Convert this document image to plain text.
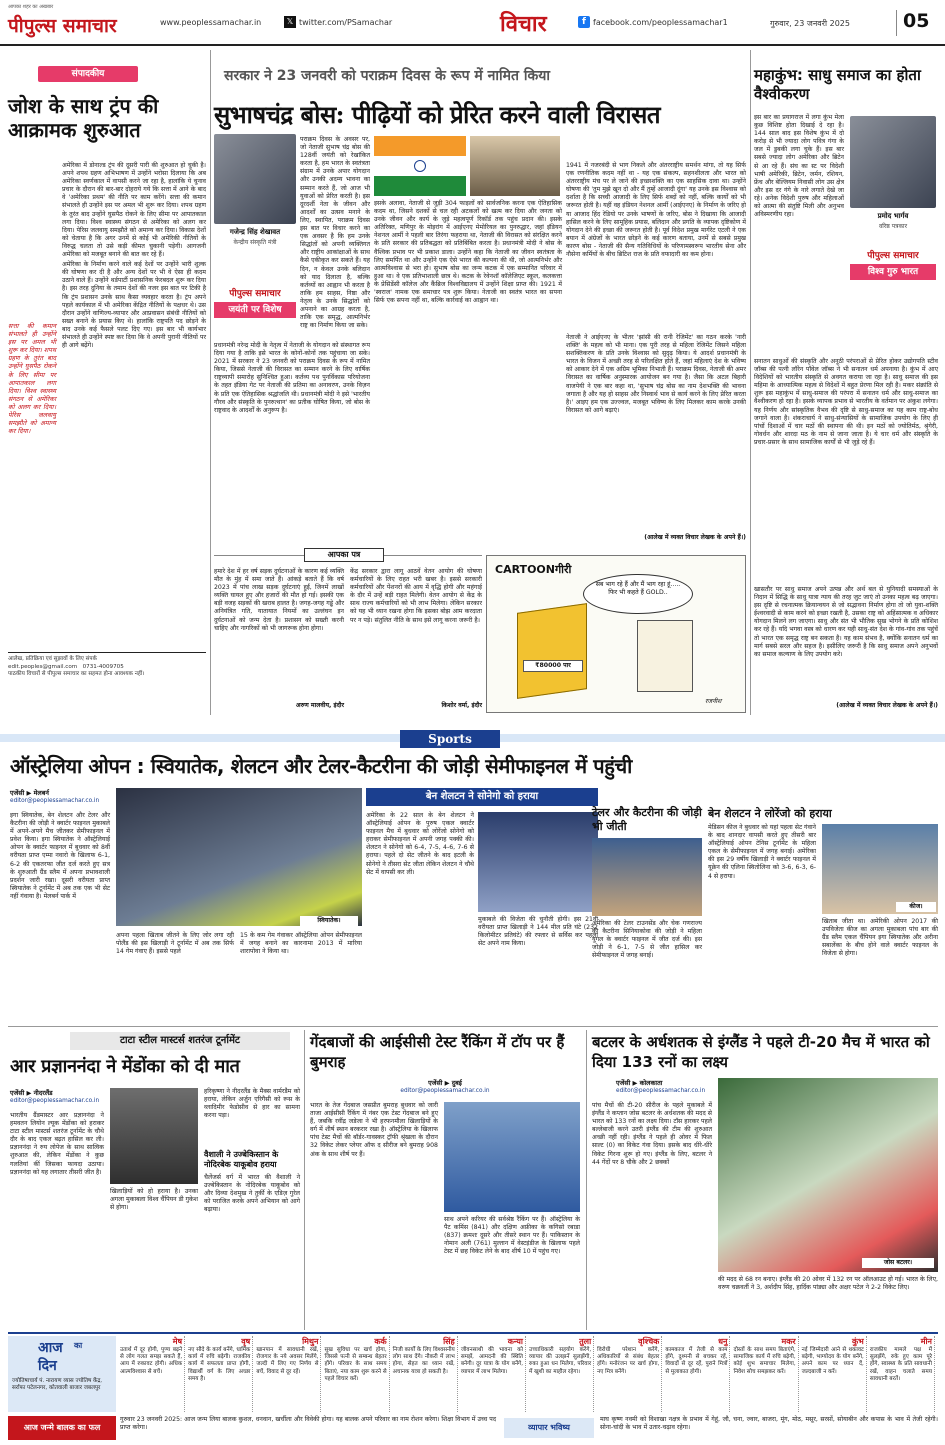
पीपुल्स समाचार
आपका शहर का अखबार
www.peoplessamachar.in	𝕏 twitter.com/PSamachar	विचार	f facebook.com/peoplessamachar1	गुरुवार, 23 जनवरी 2025	05
संपादकीय
जोश के साथ ट्रंप की आक्रामक शुरुआत
सत्ता की कमान संभालते ही उन्होंने इस पर अमल भी शुरू कर दिया। शपथ ग्रहण के तुरंत बाद उन्होंने घुसपैठ रोकने के लिए सीमा पर आपातकाल लगा दिया। विश्व स्वास्थ्य संगठन से अमेरिका को अलग कर दिया। पेरिस जलवायु समझौते को अमान्य कर दिया।

अमेरिका में डोनाल्ड ट्रंप की दूसरी पारी की शुरुआत हो चुकी है। अपने शपथ ग्रहण अभिभाषण में उन्होंने भरोसा दिलाया कि अब अमेरिका स्वर्णकाल में वापसी करने जा रहा है, हालांकि ये चुनाव प्रचार के दौरान की बार-बार दोहराये गये कि सत्ता में आने के बाद वे 'अमेरिका प्रथम' की नीति पर काम करेंगे। सत्ता की कमान संभालते ही उन्होंने इस पर अमल भी शुरू कर दिया। शपथ ग्रहण के तुरंत बाद उन्होंने घुसपैठ रोकने के लिए सीमा पर आपातकाल लगा दिया। विश्व स्वास्थ्य संगठन से अमेरिका को अलग कर दिया। पेरिस जलवायु समझौते को अमान्य कर दिया। विकास देशों को चेताया है कि अगर उनमें से कोई भी अमेरिकी नीतियों के विरुद्ध चलता तो उसे कड़ी कीमत चुकानी पड़ेगी। आगजनी अमेरिका को मजबूत बनाने की बात कर रहे हैं।

अमेरिका के निर्माण करने वाले कई देशों पर उन्होंने भारी शुल्क की घोषणा कर दी है और अन्य देशों पर भी वे ऐसा ही कदम उठाने वाले हैं। उन्होंने थर्डपार्टी प्रशासनिक फेरबदल शुरू कर दिया है। इस तरह दुनिया के तमाम देशों की नजर इस बात पर टिकी है कि ट्रंप प्रशासन उनके साथ कैसा व्यवहार करता है। ट्रंप अपने पहले कार्यकाल में भी अमेरिका केंद्रित नीतियों के पक्षधर थे। उस दौरान उन्होंने वाणिज्य-व्यापार और आप्रवासन संबंधी नीतियों को सख्त बनाने के प्रयास किए थे। हालांकि राष्ट्रपति पद छोड़ने के बाद उनके कई फैसले पलट दिए गए। इस बार भी कार्यभार संभालते ही उन्होंने स्पष्ट कर दिया कि वे अपनी पुरानी नीतियों पर ही आगे बढ़ेंगे।

आलेख, प्रतिक्रिया एवं सुझावों के लिए संपर्क
edit.peoples@gmail.com 0731-4009705
पाठकीय विचारों से पीपुल्स समाचार का सहमत होना आवश्यक नहीं।
सरकार ने 23 जनवरी को पराक्रम दिवस के रूप में नामित किया
सुभाषचंद्र बोस: पीढ़ियों को प्रेरित करने वाली विरासत
गजेन्द्र सिंह शेखावत
केन्द्रीय संस्कृति मंत्री
पीपुल्स समाचार
जयंती पर विशेष
पराक्रम दिवस के अवसर पर, जो नेताजी सुभाष चंद्र बोस की 128वीं जयंती को रेखांकित करता है, हम भारत के स्वतंत्रता संग्राम में उनके अपार योगदान और उनकी अदम्य भावना का सम्मान करते हैं, जो आज भी युवाओं को प्रेरित करती है। इस दूरदर्शी नेता के जीवन और आदर्शों का उत्सव मनाने के लिए, स्थापित, पराक्रम दिवस इस बात पर विचार करने का एक अवसर है कि हम उनके सिद्धांतों को अपनी व्यक्तिगत और राष्ट्रीय आकांक्षाओं के साथ कैसे एकीकृत कर सकते हैं। यह दिन, न केवल उनके बलिदान को याद दिलाता है, बल्कि कर्तव्यों का आह्वान भी करता है ताकि हम साहस, निष्ठा और नेतृत्व के उनके सिद्धांतों को अपनाने का आग्रह करता है, ताकि एक समृद्ध, आत्मनिर्भर राष्ट्र का निर्माण किया जा सके।
प्रधानमंत्री नरेन्द्र मोदी के नेतृत्व में नेताजी के योगदान को संस्थागत रूप दिया गया है ताकि इसे भारत के कोनों-कोनों तक पहुंचाया जा सके। 2021 में सरकार ने 23 जनवरी को पराक्रम दिवस के रूप में नामित किया, जिससे नेताजी की विरासत का सम्मान करने के लिए वार्षिक राष्ट्रव्यापी समारोह सुनिश्चित हुआ। कर्तव्य पथ पुनर्विकास परियोजना के तहत इंडिया गेट पर नेताजी की प्रतिमा का अनावरण, उनके विज़न के प्रति एक ऐतिहासिक श्रद्धांजलि थी। प्रधानमंत्री मोदी ने इसे 'भारतीय गौरव और संस्कृति के पुनरुत्थान' का प्रतीक घोषित किया, जो बोस के राष्ट्रवाद के आदर्शों के अनुरूप है।
इसके अलावा, नेताजी से जुड़ी 304 फाइलों को सार्वजनिक करना एक ऐतिहासिक कदम था, जिसने दशकों से चल रही अटकलों को खत्म कर दिया और जनता को उनके जीवन और कार्य के जुड़े महत्वपूर्ण रिकॉर्ड तक पहुंच प्रदान की। इसके अतिरिक्त, मणिपुर के मोइरांग में आईएनए मेमोरियल का पुनरुद्धार, जहां इंडियन नेशनल आर्मी ने पहली बार तिरंगा फहराया था, नेताजी की विरासत को संरक्षित करने के प्रति सरकार की प्रतिबद्धता को प्रतिबिंबित करता है। प्रधानमंत्री मोदी ने बोस के वैश्विक प्रभाव पर भी प्रकाश डाला। उन्होंने कहा कि नेताजी का जीवन स्वतंत्रता के लिए समर्पित था और उन्होंने एक ऐसे भारत की कल्पना की थी, जो आत्मनिर्भर और आत्मविश्वास से भरा हो। सुभाष बोस का जन्म कटक में एक सम्मानित परिवार में हुआ था। वे एक प्रतिभाशाली छात्र थे। कटक के रेवेनशॉ कॉलेजिएट स्कूल, कलकत्ता के प्रेसिडेंसी कॉलेज और कैंब्रिज विश्वविद्यालय में उन्होंने शिक्षा प्राप्त की। 1921 में 'स्वराज' नामक एक समाचार पत्र शुरू किया। नेताजी का स्वतंत्र भारत का सपना सिर्फ एक सपना नहीं था, बल्कि कार्रवाई का आह्वान था।
1941 में नजरबंदी से भाग निकले और अंतरराष्ट्रीय समर्थन मांगा, तो यह सिर्फ एक रणनीतिक कदम नहीं था - यह एक संकल्प, सहनशीलता और भारत को अंतरराष्ट्रीय मंच पर ले जाने की इच्छाशक्ति का एक साहसिक दावा था। उन्होंने घोषणा की 'तुम मुझे खून दो और मैं तुम्हें आजादी दूंगा' यह उनके इस विश्वास को दर्शाता है कि सच्ची आजादी के लिए सिर्फ शब्दों को नहीं, बल्कि कार्यों को भी जरूरत होती है। यहीं वह इंडियन नेशनल आर्मी (आईएनए) के निर्माण के जरिए हो या आजाद हिंद रेडियो पर उनके भाषणों के जरिए, बोस ने दिखाया कि आजादी हासिल करने के लिए सामूहिक प्रयास, बलिदान और प्रगति के व्यापक दृष्टिकोण में योगदान देने की इच्छा की जरूरत होती है। पूर्व विदेश प्रमुख मार्गरेट एटली ने एक बयान में अंग्रेजों के भारत छोड़ने के कई कारण बताया, उनमें से सबसे प्रमुख कारण बोस - नेताजी की सैन्य गतिविधियों के परिणामस्वरूप भारतीय सेना और नौसेना कर्मियों के बीच ब्रिटिश राज के प्रति वफादारी का कम होना।
नेताजी ने आईएनए के भीतर 'झांसी की रानी रेजिमेंट' का गठन करके 'नारी शक्ति' के महत्व को भी माना। एक पूरी तरह से महिला रेजिमेंट जिसने महिला सशक्तिकरण के प्रति उनके विश्वास को सुदृढ़ किया। ये आदर्श प्रधानमंत्री के भारत के विजन में अच्छी तरह से परिलक्षित होते हैं, जहां महिलाएं देश के भविष्य को आकार देने में एक अग्रिम भूमिका निभाती हैं। पराक्रम दिवस, नेताजी की अमर विरासत का वार्षिक अनुस्मारक आयोजन बन गया है। जैसा कि अटल बिहारी वाजपेयी ने एक बार कहा था, 'सुभाष चंद्र बोस का नाम देशभक्ति की भावना जगाता है और यह हो साहस और निस्वार्थ भाव से कार्य करने के लिए प्रेरित करता है।' आइए हम एक उज्ज्वल, मजबूत भविष्य के लिए मिलकर काम करके उनकी विरासत को आगे बढ़ाएं।
(आलेख में व्यक्त विचार लेखक के अपने हैं।)
महाकुंभ: साधु समाज का होता वैश्वीकरण
इस बार का प्रयागराज में लगा कुंभ मेला कुछ विशिष्ट होता दिखाई दे रहा है। 144 साल बाद इस विशेष कुंभ में दो करोड़ से भी ज्यादा लोग पवित्र गंगा के जल में डुबकी लगा चुके हैं। इस बार सबसे ज्यादा लोग अमेरिका और ब्रिटेन से आ रहे हैं। संघ का स्ट पर विदेशी भाषी अमेरिकी, ब्रिटेन, जर्मन, रशियन, फ्रेंच और बेल्जियम निवासी लोग उस क्षेत्र और इस दर गंगे के नारे लगाते देखे जा रहे। अनेक विदेशी पुरुष और महिलाओं को आत्मा की संतुष्टि मिली और अनुभव अविस्मरणीय रहा।	प्रमोद भार्गव
वरिष्ठ पत्रकार
पीपुल्स समाचार
विश्व गुरु भारत
सनातन साधुओं की संस्कृति और अनूठी परंपराओं से प्रेरित होकर उद्योगपति स्टीव जॉब्स की पत्नी लॉरेन पॉवेल जॉब्स ने भी सनातन धर्म अपनाया है। कुंभ में आए विदेशियों को भारतीय संस्कृति से अवगत कराया जा रहा है। साधु समाज की इस महिमा के आध्यात्मिक महत्व से विदेशों में बहुत प्रेरणा मिल रही है। मकर संक्रांति से शुरू इस महाकुंभ में साधु-समाज की परंपरा में सनातन धर्म और साधु-समाज का वैश्वीकरण हो रहा है। इसके व्यापक प्रभाव से भारतीय के वर्तमान पर अंकुश लगेगा। यह निर्णय और सांस्कृतिक वैभव की दृष्टि से साधु-समाज का यह काम राष्ट्र-बोध जगाने वाला है। शंकराचार्य ने साधु-संन्यासियों के सामाजिक उपयोग के लिए ही पांचों दिशाओं में चार मठों की स्थापना की थी। इन मठों को ज्योतिर्मठ, श्रृंगेरी, गोवर्धन और शारदा मठ के नाम से जाना जाता है। ये चार धर्म और संस्कृति के प्रचार-प्रसार के साथ सामाजिक कार्यों से भी जुड़े रहे हैं।
खासतौर पर साधु समाज अपने उत्पन्न और अर्थ बल से युनियादी समस्याओं के निदान में सिद्धि के साधु यात्रा न्याय की तरह जुट जाएं तो उनका महत्व बढ़ जाएगा। इस दृष्टि से रचनात्मक क्रियान्वयन से जो सद्भावना निर्माण होगा तो जो युवा-शक्ति ईश्वरवादी से काम करने को इच्छा रखती है, उसका राष्ट्र को अहिंसात्मक व अधिकार योगदान मिलने लग जाएगा। साधु और संत भी भौतिक सुख भोगने के प्रति कोशिश कर रहे हैं। यदि भगवा वस्त्र को धारण कर यही साधु-संत देश के गांव-गांव तक पहुंचें तो भारत एक समृद्ध राष्ट्र बन सकता है। यह काम संभव है, क्योंकि सनातन धर्म का मार्ग सबसे सरल और सहज है। इसीलिए जरूरी है कि साधु समाज अपने अनुभवों का समाज कल्याण के लिए उपयोग करे।
(आलेख में व्यक्त विचार लेखक के अपने हैं।)
आपका पत्र
हमारे देश में हर वर्ष सड़क दुर्घटनाओं के कारण कई व्यक्ति मौत के मुंह में समा जाते हैं। आंकड़े बताते हैं कि वर्ष 2023 में पांच लाख सड़क दुर्घटनाएं हुईं, जिनमें लाखों व्यक्ति घायल हुए और हजारों की मौत हो गई। इसकी एक बड़ी वजह सड़कों की खराब हालत है। जगह-जगह गड्ढे और अनियंत्रित गति, यातायात नियमों का उल्लंघन इन दुर्घटनाओं को जन्म देता है। प्रशासन को सख्ती करनी चाहिए और नागरिकों को भी जागरूक होना होगा।
अरुण मालवीय, इंदौर
केंद्र सरकार द्वारा लागू आठवें वेतन आयोग की घोषणा कर्मचारियों के लिए राहत भरी खबर है। इससे सरकारी कर्मचारियों और पेंशनरों की आय में वृद्धि होगी और महंगाई के दौर में उन्हें बड़ी राहत मिलेगी। वेतन आयोग से केंद्र के साथ राज्य कर्मचारियों को भी लाभ मिलेगा। लेकिन सरकार को यह भी ध्यान रखना होगा कि इसका बोझ आम करदाता पर न पड़े। संतुलित नीति के साथ इसे लागू करना जरूरी है।
किशोर वर्मा, इंदौर
CARTOONगीरी
सब भाग रहे हैं और मैं भाग रहा हूं..... फिर भी कहते हैं GOLD..
₹80000 पार
रजनीश
Sports
ऑस्ट्रेलिया ओपन : स्वियातेक, शेलटन और टेलर-कैटरीना की जोड़ी सेमीफाइनल में पहुंची
एजेंसी ▶ मेलबर्न
editor@peoplessamachar.co.in
इगा स्वियातेक, बेन शेलटन और टेलर और कैटरीना की जोड़ी ने क्वार्टर फाइनल मुकाबले में अपने-अपने मैच जीतकर सेमीफाइनल में प्रवेश किया। इगा स्वियातेक ने ऑस्ट्रेलियाई ओपन के क्वार्टर फाइनल में बुधवार को 8वीं वरीयता प्राप्त एम्मा नवारो के खिलाफ 6-1, 6-2 की एकतरफा जीत दर्ज करते हुए सत्र के शुरुआती ग्रैंड स्लैम में अपना प्रभावशाली प्रदर्शन जारी रखा। दूसरी वरीयता प्राप्त स्वियातेक ने टूर्नामेंट में अब तक एक भी सेट नहीं गंवाया है। मेलबर्न पार्क में
स्वियातेक।
अपना पहला खिताब जीतने के लिए जोर लगा रही पोलैंड की इस खिलाड़ी ने टूर्नामेंट में अब तक सिर्फ 14 गेम गंवाए हैं। इससे पहले
15 के कम गेम गंवाकर ऑस्ट्रेलिया ओपन सेमीफाइनल में जगह बनाने का कारनामा 2013 में मारिया शारापोवा ने किया था।
बेन शेलटन ने सोनेगो को हराया
अमेरिका के 22 साल के बेन शेलटन ने ऑस्ट्रेलियाई ओपन के पुरुष एकल क्वार्टर फाइनल मैच में बुधवार को लोरेंजो सोनेगो को हराकर सेमीफाइनल में अपनी जगह पक्की की। शेलटन ने सोनेगो को 6-4, 7-5, 4-6, 7-6 से हराया। पहले दो सेट जीतने के बाद इटली के सोनेगो ने तीसरा सेट जीता लेकिन शेलटन ने चौथे सेट में वापसी कर ली।
मुकाबले की विजेता की चुनौती होगी। इस 21वीं वरीयता प्राप्त खिलाड़ी ने 144 मील प्रति घंटे (232 किलोमीटर प्रतिघंटे) की रफ्तार से सर्विस कर पहला सेट अपने नाम किया।
टेलर और कैटरीना की जोड़ी भी जीती
अमेरिका की टेलर टाउनसेंड और चेक गणराज्य की कैटरीना सिनियाकोवा की जोड़ी ने महिला युगल के क्वार्टर फाइनल में जीत दर्ज की। इस जोड़ी ने 6-1, 7-5 से जीत हासिल कर सेमीफाइनल में जगह बनाई।
बेन शेलटन ने लोरेंजो को हराया
मेडिसन कीज ने बुधवार को यहां पहला सेट गंवाने के बाद शानदार वापसी करते हुए तीसरी बार ऑस्ट्रेलियाई ओपन टेनिस टूर्नामेंट के महिला एकल के सेमीफाइनल में जगह बनाई। अमेरिका की इस 29 वर्षीय खिलाड़ी ने क्वार्टर फाइनल में यूक्रेन की एलिना स्वितोलिना को 3-6, 6-3, 6-4 से हराया।
कीज।
खिताब जीता था। अमेरिकी ओपन 2017 की उपविजेता कीज का अगला मुकाबला पांच बार की ग्रैंड स्लैम एकल चैंपियन इगा स्वियातेक और अरीना सबालेंका के बीच होने वाले क्वार्टर फाइनल के विजेता से होगा।
टाटा स्टील मास्टर्स शतरंज टूर्नामेंट
आर प्रज्ञाननंदा ने मेंडोंका को दी मात
एजेंसी ▶ नीदरलैंड
editor@peoplessamachar.co.in
भारतीय ग्रैंडमास्टर आर प्रज्ञाननंदा ने हमवतन लियोन ल्यूक मेंडोंका को हराकर टाटा स्टील मास्टर्स शतरंज टूर्नामेंट के चौथे दौर के बाद एकल बढ़त हासिल कर ली। प्रज्ञाननंदा ने रुय लोपेज के साथ सात्विक शुरुआत की, लेकिन मेंडोंका ने कुछ गलतियां कीं जिसका फायदा उठाया। प्रज्ञाननंदा को यह लगातार तीसरी जीत है।
खिलाड़ियों को हो हराया है। उनका अगला मुकाबला विश्व चैंपियन डी गुकेश से होगा।
हरिकृष्णा ने नीदरलैंड के मैक्स वार्मरडैम को हराया, लेकिन अर्जुन एरिगैसी को रूस के व्लादिमीर फेडोसीव से हार का सामना करना पड़ा।
वैशाली ने उज्बेकिस्तान के नोदिरबेक याकूबोव हराया
चैलेंजर्स वर्ग में भारत की वैशाली ने उज्बेकिस्तान के नोदिरबेक याकूबोव को और दिव्या देशमुख ने तुर्की के एडिज़ गुरेल को पराजित करके अपने अभियान को आगे बढ़ाया।
गेंदबाजों की आईसीसी टेस्ट रैंकिंग में टॉप पर हैं बुमराह
एजेंसी ▶ दुबई
editor@peoplessamachar.co.in
भारत के तेज गेंदबाज जसप्रीत बुमराह बुधवार को जारी ताजा आईसीसी रैंकिंग में नंबर एक टेस्ट गेंदबाज बने हुए हैं, जबकि रवींद्र जडेजा ने भी हरफनमौला खिलाड़ियों के वर्ग में शीर्ष स्थान बरकरार रखा है। ऑस्ट्रेलिया के खिलाफ पांच टेस्ट मैचों की बॉर्डर-गावस्कर ट्रॉफी श्रृंखला के दौरान 32 विकेट लेकर प्लेयर ऑफ द सीरीज बने बुमराह 908 अंक के साथ शीर्ष पर हैं।
साथ अपने करियर की सर्वश्रेष्ठ रैंकिंग पर हैं। ऑस्ट्रेलिया के पैट कमिंस (841) और दक्षिण अफ्रीका के कगिसो रबाडा (837) क्रमशः दूसरे और तीसरे स्थान पर हैं। पाकिस्तान के नोमान अली (761) मुल्तान में वेस्टइंडीज के खिलाफ पहले टेस्ट में छह विकेट लेने के बाद शीर्ष 10 में पहुंच गए।
बटलर के अर्धशतक से इंग्लैंड ने पहले टी-20 मैच में भारत को दिया 133 रनों का लक्ष्य
एजेंसी ▶ कोलकाता
editor@peoplessamachar.co.in
पांच मैचों की टी-20 सीरीज के पहले मुकाबले में इंग्लैंड ने कप्तान जोस बटलर के अर्धशतक की मदद से भारत को 133 रनों का लक्ष्य दिया। टॉस हारकर पहले बल्लेबाजी करने उतरी इंग्लैंड की टीम की शुरुआत अच्छी नहीं रही। इंग्लैंड ने पहले ही ओवर में फिल साल्ट (0) का विकेट गंवा दिया। इसके बाद धीरे-धीरे विकेट गिरना शुरू हो गए। इंग्लैंड के लिए, बटलर ने 44 गेंदों पर 8 चौके और 2 छक्कों
जोस बटलर।
की मदद से 68 रन बनाए। इंग्लैंड की 20 ओवर में 132 रन पर ऑलआउट हो गई। भारत के लिए, वरुण चक्रवर्ती ने 3, अर्शदीप सिंह, हार्दिक पांड्या और अक्षर पटेल ने 2-2 विकेट लिए।
आज का
दिन
ज्योतिषाचार्य पं. नारायण व्यास ज्योतिष केंद्र, सर्राफा पटेलनगर, कोतवाली बाजार जबलपुर
मेष
उतार्थ में दूर होगी, पुण्य बढ़ने से लोग गलत समझ सकते हैं, आय में रुकावट होगी। अधिक आत्मविश्वास से बचें।
वृष
नए सौदे के कार्य बनेंगे, धार्मिक कार्य में रुचि बढ़ेगी। राजकीय कार्य में सफलता प्राप्त होगी, विद्यार्थी वर्ग के लिए अच्छा समय है।
मिथुन
खानपान में सावधानी रखें, रोजगार के नये अवसर मिलेंगे, जल्दी में लिए गए निर्णय से बचें, विवाद से दूर रहें।
कर्क
सुख सुविधा पर खर्च होगा, जिससे पत्नी से सम्बन्ध बेहतर होंगे। परिवार के साथ समय बिताएं, नया काम शुरू करने से पहले विचार करें।
सिंह
निजी कार्यों के लिए विश्वसनीय लोग साथ देंगे। नौकरी में लाभ होगा, सेहत का ध्यान रखें, अचानक यात्रा हो सकती है।
कन्या
जीवनसाथी की भावना को समझें, आमदनी की स्थिति बनेगी। दूर यात्रा के योग बनेंगे, व्यापार में लाभ मिलेगा।
तुला
उच्चाधिकारी सहयोग करेंगे, व्यापार की उलझनें सुलझेंगी, रुका हुआ धन मिलेगा, परिवार में खुशी का माहौल रहेगा।
वृश्चिक
विरोधी परेशान करेंगे, अधिकारियों से संबंध बेहतर होंगे। मनोरंजन पर खर्च होगा, नए मित्र बनेंगे।
धनु
कामकाज में तेजी से काम होंगे, दुश्मनी से बचकर रहें, विवादों से दूर रहें, पुराने मित्रों से मुलाकात होगी।
मकर
दोस्तों के साथ समय बिताएंगे, सामाजिक कार्य में रुचि बढ़ेगी, कोई शुभ समाचार मिलेगा, निवेश सोच समझकर करें।
कुंभ
नई जिम्मेदारी आने से थकावट बढ़ेगी, भाग्योदय के योग बनेंगे, अपने काम पर ध्यान दें, जल्दबाजी न करें।
मीन
राजकीय मामले पक्ष में सुलझेंगे, रुके हुए काम पूरे होंगे, स्वास्थ्य के प्रति सावधानी रखें, वाहन चलाते समय सावधानी बरतें।
आज जन्मे बालक का फल
गुरुवार 23 जनवरी 2025: आज जन्म लिया बालक कुशल, धनवान, खर्चीला और विवेकी होगा। यह बालक अपने परिवार का नाम रोशन करेगा। शिक्षा विभाग में उच्च पद प्राप्त करेगा।	व्यापार भविष्य
माघ कृष्ण नवमी को विशाखा नक्षत्र के प्रभाव में गेहूं, जौ, चना, ज्वार, बाजरा, मूंग, मोठ, मसूर, सरसों, सोयाबीन और कपास के भाव में तेजी रहेगी। सोना-चांदी के भाव में उतार-चढ़ाव रहेगा।
